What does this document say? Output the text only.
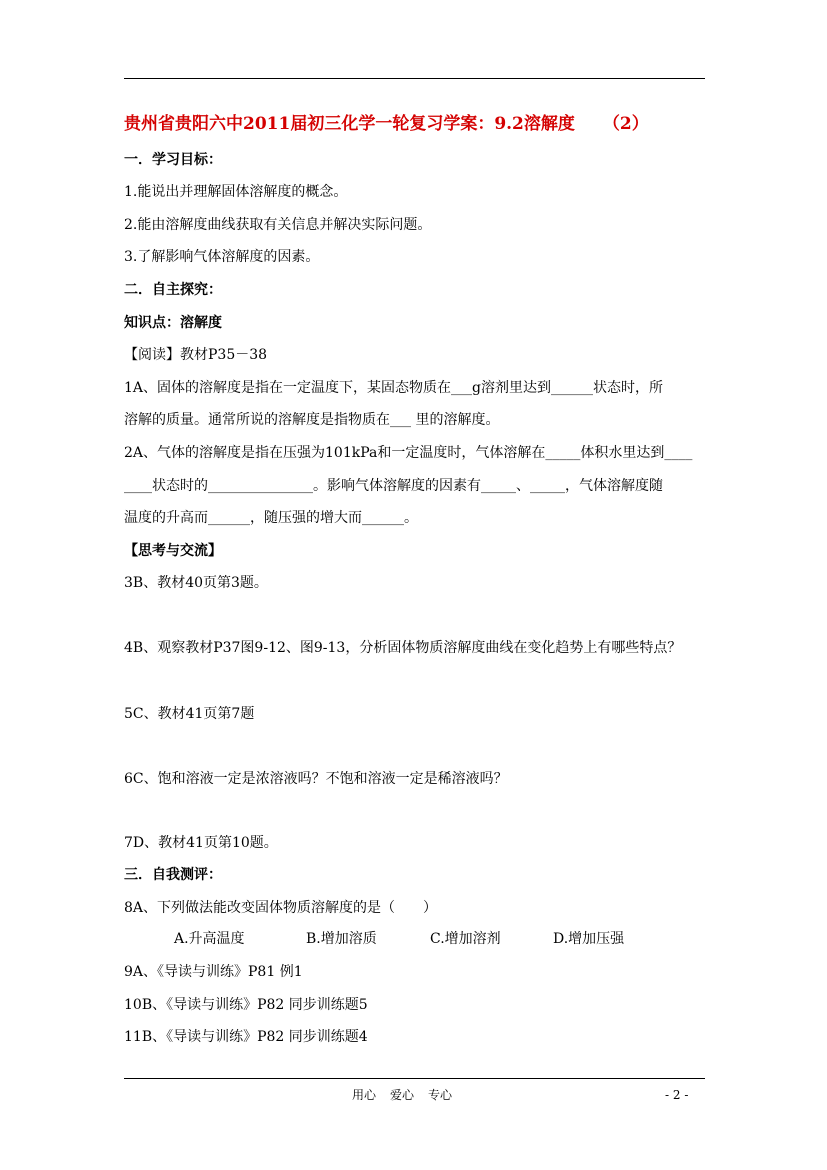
贵州省贵阳六中2011届初三化学一轮复习学案：9.2溶解度 （2）
一．学习目标：
1.能说出并理解固体溶解度的概念。
2.能由溶解度曲线获取有关信息并解决实际问题。
3.了解影响气体溶解度的因素。
二．自主探究：
知识点：溶解度
【阅读】教材P35－38
1A、固体的溶解度是指在一定温度下，某固态物质在___g溶剂里达到______状态时，所
溶解的质量。通常所说的溶解度是指物质在___ 里的溶解度。
2A、气体的溶解度是指在压强为101kPa和一定温度时，气体溶解在_____体积水里达到____
____状态时的_______________。影响气体溶解度的因素有_____、_____，气体溶解度随
温度的升高而______，随压强的增大而______。
【思考与交流】
3B、教材40页第3题。
4B、观察教材P37图9-12、图9-13，分析固体物质溶解度曲线在变化趋势上有哪些特点？
5C、教材41页第7题
6C、饱和溶液一定是浓溶液吗？不饱和溶液一定是稀溶液吗？
7D、教材41页第10题。
三．自我测评：
8A、下列做法能改变固体物质溶解度的是（　　）
A.升高温度	B.增加溶质	C.增加溶剂	D.增加压强
9A、《导读与训练》P81 例1
10B、《导读与训练》P82 同步训练题5
11B、《导读与训练》P82 同步训练题4
用心 爱心 专心	- 2 -
